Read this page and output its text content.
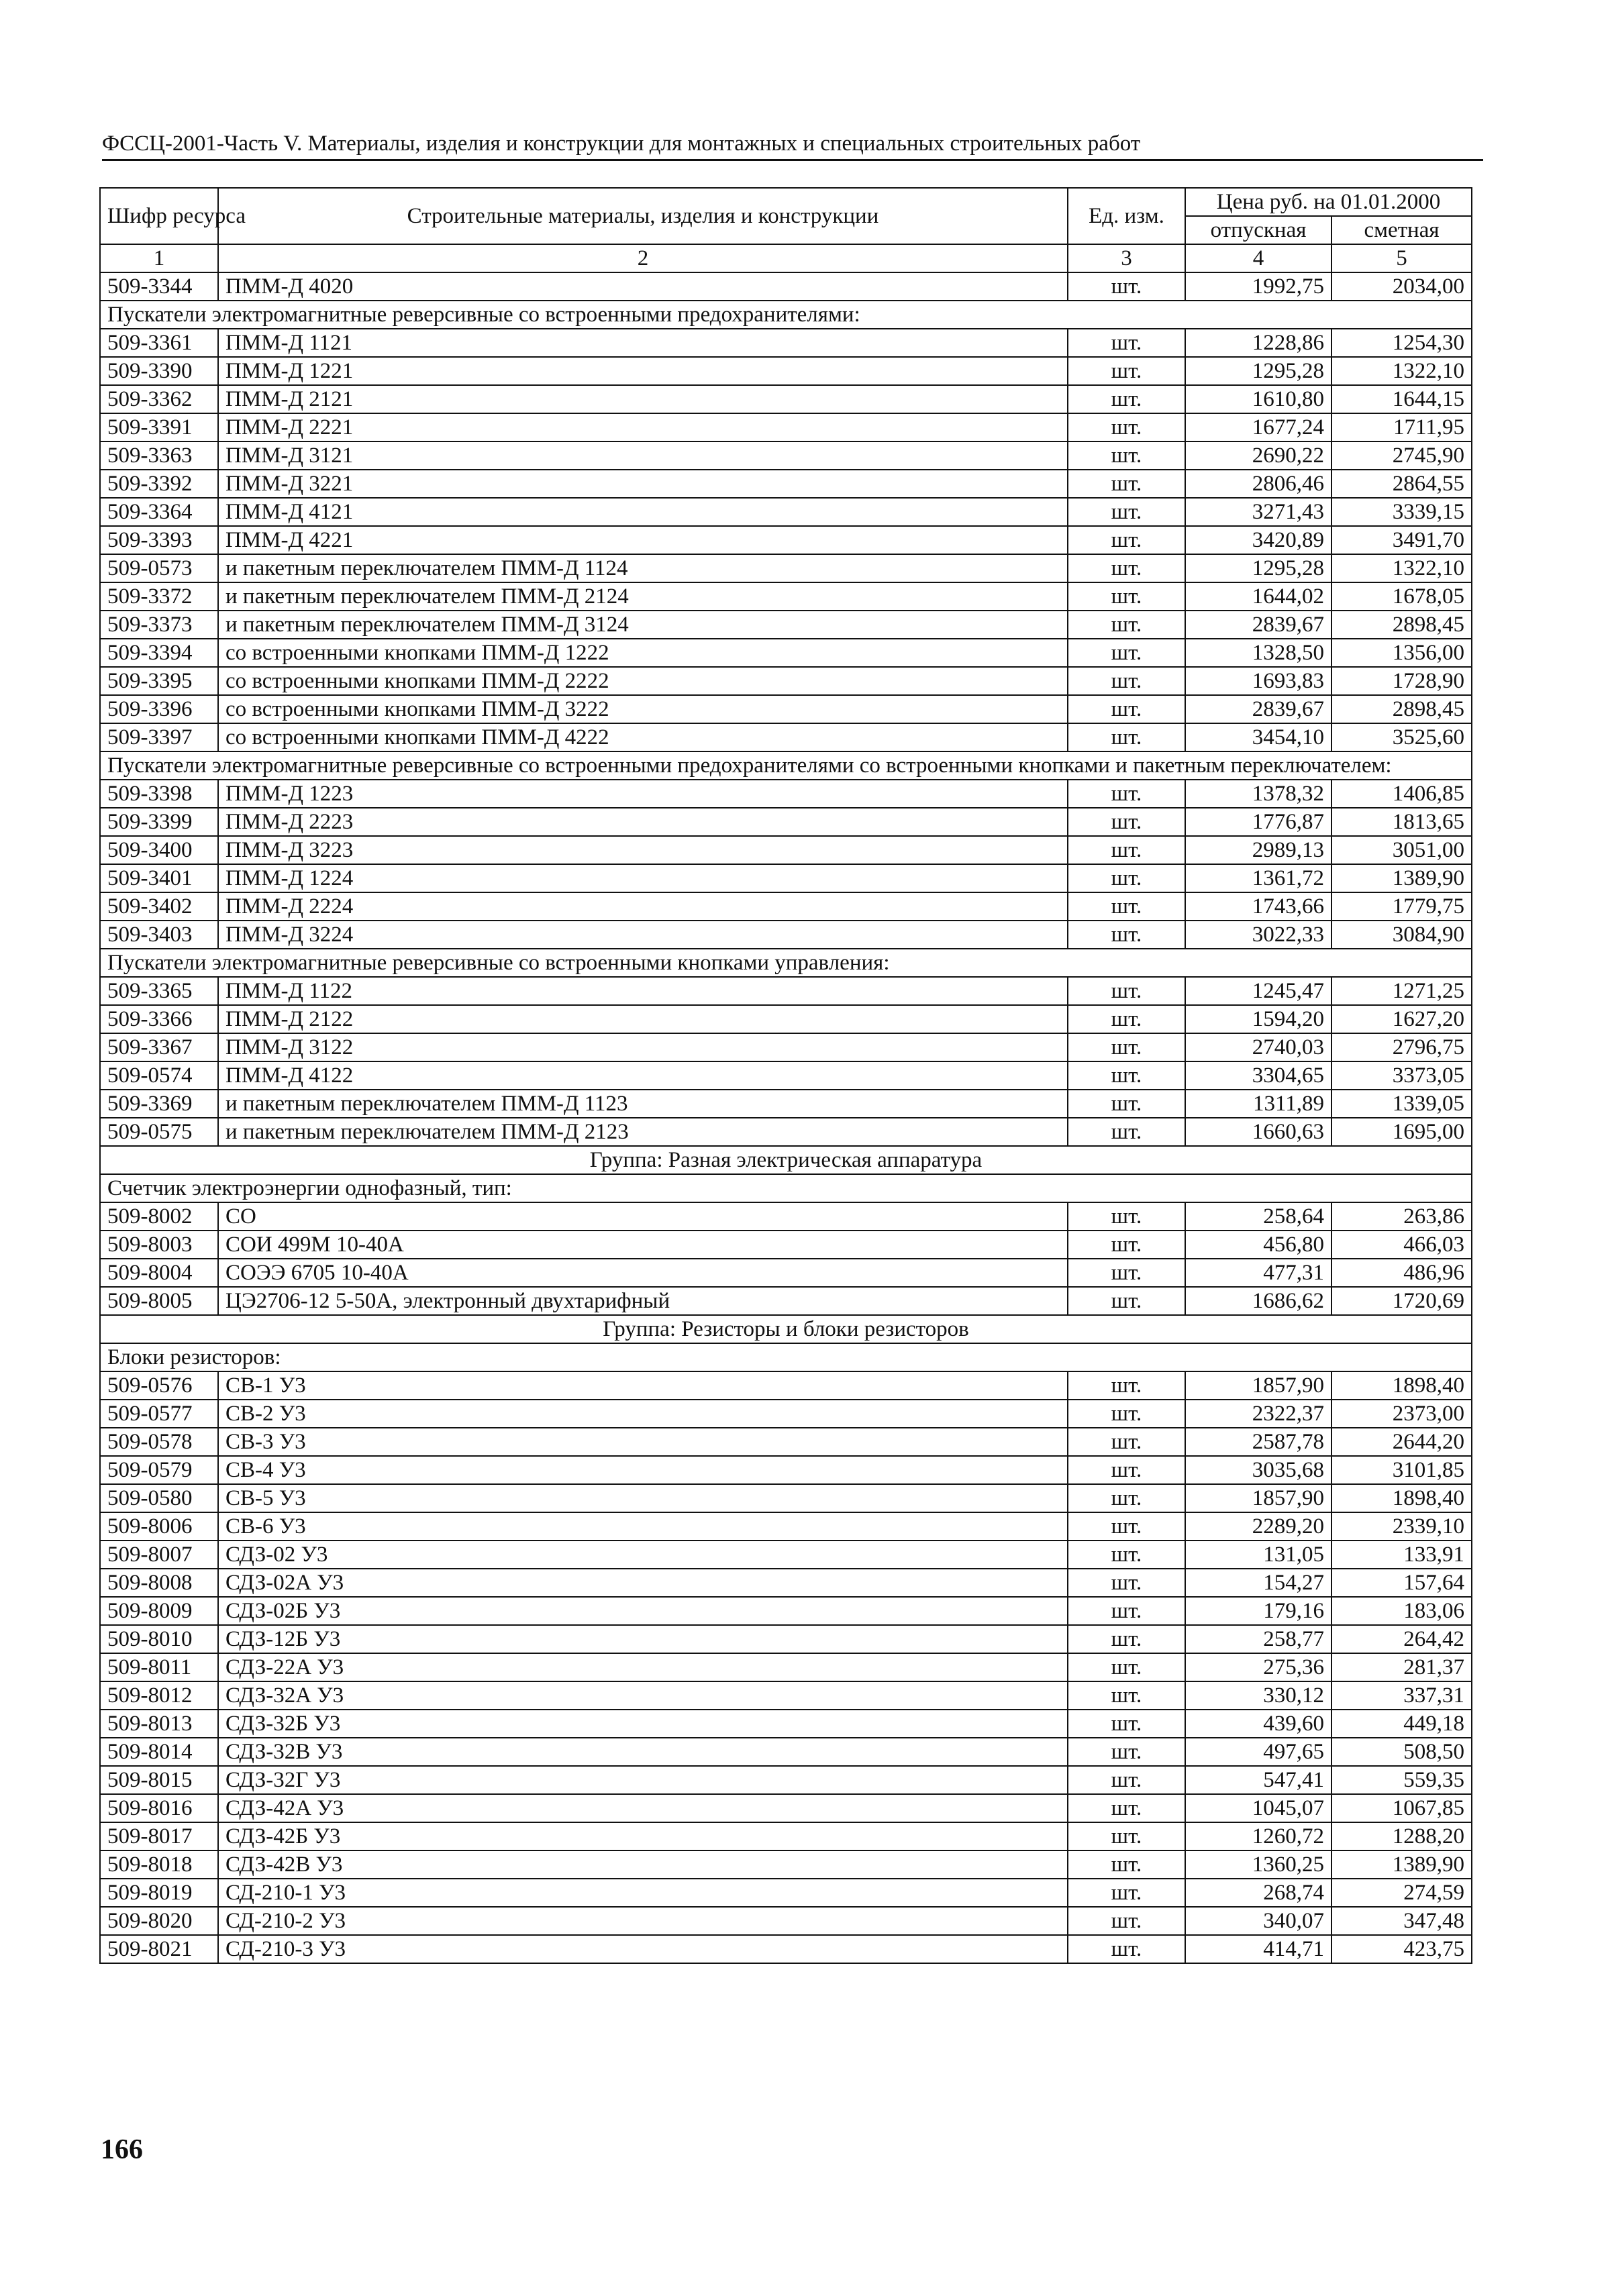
ФССЦ-2001-Часть V. Материалы, изделия и конструкции для монтажных и специальных строительных работ
Шифр ресурса	Строительные материалы, изделия и конструкции	Ед. изм.	Цена руб. на 01.01.2000	
			отпускная	сметная
1	2	3	4	5
509-3344	ПММ-Д 4020	шт.	1992,75	2034,00
Пускатели электромагнитные реверсивные со встроенными предохранителями:				
509-3361	ПММ-Д 1121	шт.	1228,86	1254,30
509-3390	ПММ-Д 1221	шт.	1295,28	1322,10
509-3362	ПММ-Д 2121	шт.	1610,80	1644,15
509-3391	ПММ-Д 2221	шт.	1677,24	1711,95
509-3363	ПММ-Д 3121	шт.	2690,22	2745,90
509-3392	ПММ-Д 3221	шт.	2806,46	2864,55
509-3364	ПММ-Д 4121	шт.	3271,43	3339,15
509-3393	ПММ-Д 4221	шт.	3420,89	3491,70
509-0573	и пакетным переключателем ПММ-Д 1124	шт.	1295,28	1322,10
509-3372	и пакетным переключателем ПММ-Д 2124	шт.	1644,02	1678,05
509-3373	и пакетным переключателем ПММ-Д 3124	шт.	2839,67	2898,45
509-3394	со встроенными кнопками ПММ-Д 1222	шт.	1328,50	1356,00
509-3395	со встроенными кнопками ПММ-Д 2222	шт.	1693,83	1728,90
509-3396	со встроенными кнопками ПММ-Д 3222	шт.	2839,67	2898,45
509-3397	со встроенными кнопками ПММ-Д 4222	шт.	3454,10	3525,60
Пускатели электромагнитные реверсивные со встроенными предохранителями со встроенными кнопками и пакетным переключателем:				
509-3398	ПММ-Д 1223	шт.	1378,32	1406,85
509-3399	ПММ-Д 2223	шт.	1776,87	1813,65
509-3400	ПММ-Д 3223	шт.	2989,13	3051,00
509-3401	ПММ-Д 1224	шт.	1361,72	1389,90
509-3402	ПММ-Д 2224	шт.	1743,66	1779,75
509-3403	ПММ-Д 3224	шт.	3022,33	3084,90
Пускатели электромагнитные реверсивные со встроенными кнопками управления:				
509-3365	ПММ-Д 1122	шт.	1245,47	1271,25
509-3366	ПММ-Д 2122	шт.	1594,20	1627,20
509-3367	ПММ-Д 3122	шт.	2740,03	2796,75
509-0574	ПММ-Д 4122	шт.	3304,65	3373,05
509-3369	и пакетным переключателем ПММ-Д 1123	шт.	1311,89	1339,05
509-0575	и пакетным переключателем ПММ-Д 2123	шт.	1660,63	1695,00
Группа: Разная электрическая аппаратура				
Счетчик электроэнергии однофазный, тип:				
509-8002	СО	шт.	258,64	263,86
509-8003	СОИ 499М 10-40А	шт.	456,80	466,03
509-8004	СОЭЭ 6705 10-40А	шт.	477,31	486,96
509-8005	ЦЭ2706-12 5-50А, электронный двухтарифный	шт.	1686,62	1720,69
Группа: Резисторы и блоки резисторов				
Блоки резисторов:				
509-0576	СВ-1 У3	шт.	1857,90	1898,40
509-0577	СВ-2 У3	шт.	2322,37	2373,00
509-0578	СВ-3 У3	шт.	2587,78	2644,20
509-0579	СВ-4 У3	шт.	3035,68	3101,85
509-0580	СВ-5 У3	шт.	1857,90	1898,40
509-8006	СВ-6 У3	шт.	2289,20	2339,10
509-8007	СДЗ-02 У3	шт.	131,05	133,91
509-8008	СДЗ-02А У3	шт.	154,27	157,64
509-8009	СДЗ-02Б У3	шт.	179,16	183,06
509-8010	СДЗ-12Б У3	шт.	258,77	264,42
509-8011	СДЗ-22А У3	шт.	275,36	281,37
509-8012	СДЗ-32А У3	шт.	330,12	337,31
509-8013	СДЗ-32Б У3	шт.	439,60	449,18
509-8014	СДЗ-32В У3	шт.	497,65	508,50
509-8015	СДЗ-32Г У3	шт.	547,41	559,35
509-8016	СДЗ-42А У3	шт.	1045,07	1067,85
509-8017	СДЗ-42Б У3	шт.	1260,72	1288,20
509-8018	СДЗ-42В У3	шт.	1360,25	1389,90
509-8019	СД-210-1 У3	шт.	268,74	274,59
509-8020	СД-210-2 У3	шт.	340,07	347,48
509-8021	СД-210-3 У3	шт.	414,71	423,75
166
